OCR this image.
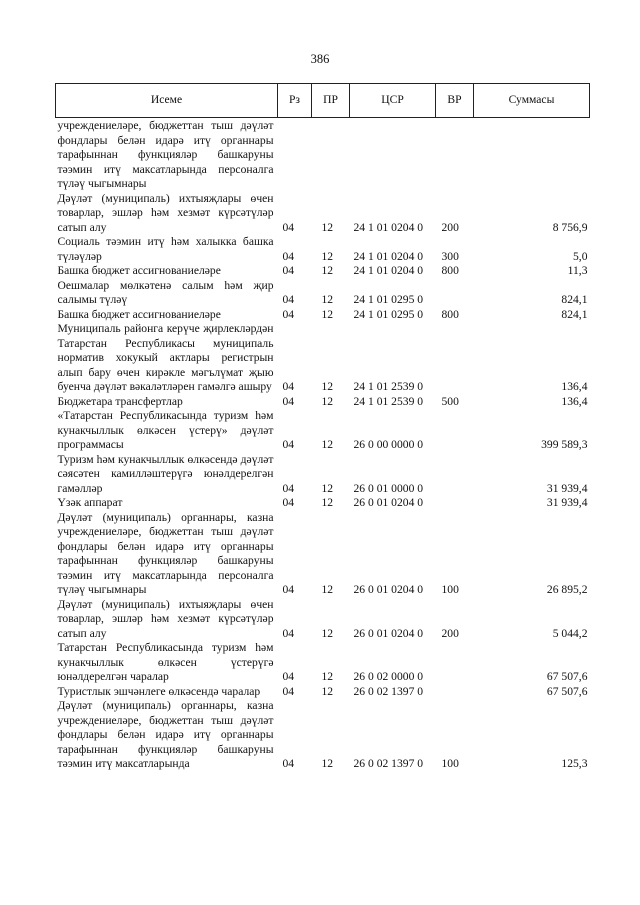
386
Исеме	Рз	ПР	ЦСР	ВР	Суммасы
учреждениеләре, бюджеттан тыш дәүләт фондлары белән идарә итү органнары тарафыннан функцияләр башкаруны тәэмин итү максатларында персоналга түләү чыгымнары					
Дәүләт (муниципаль) ихтыяҗлары өчен товарлар, эшләр һәм хезмәт күрсәтүләр сатып алу	04	12	24 1 01 0204 0	200	8 756,9
Социаль тәэмин итү һәм халыкка башка түләүләр	04	12	24 1 01 0204 0	300	5,0
Башка бюджет ассигнованиеләре	04	12	24 1 01 0204 0	800	11,3
Оешмалар мөлкәтенә салым һәм җир салымы түләү	04	12	24 1 01 0295 0		824,1
Башка бюджет ассигнованиеләре	04	12	24 1 01 0295 0	800	824,1
Муниципаль районга керүче җирлекләрдән Татарстан Республикасы муниципаль норматив хокукый актлары регистрын алып бару өчен кирәкле мәгълүмат җыю буенча дәүләт вәкаләтләрен гамәлгә ашыру	04	12	24 1 01 2539 0		136,4
Бюджетара трансфертлар	04	12	24 1 01 2539 0	500	136,4
«Татарстан Республикасында туризм һәм кунакчыллык өлкәсен үстерү» дәүләт программасы	04	12	26 0 00 0000 0		399 589,3
Туризм һәм кунакчыллык өлкәсендә дәүләт сәясәтен камилләштерүгә юнәлдерелгән гамәлләр	04	12	26 0 01 0000 0		31 939,4
Үзәк аппарат	04	12	26 0 01 0204 0		31 939,4
Дәүләт (муниципаль) органнары, казна учреждениеләре, бюджеттан тыш дәүләт фондлары белән идарә итү органнары тарафыннан функцияләр башкаруны тәэмин итү максатларында персоналга түләү чыгымнары	04	12	26 0 01 0204 0	100	26 895,2
Дәүләт (муниципаль) ихтыяҗлары өчен товарлар, эшләр һәм хезмәт күрсәтүләр сатып алу	04	12	26 0 01 0204 0	200	5 044,2
Татарстан Республикасында туризм һәм кунакчыллык өлкәсен үстерүгә юнәлдерелгән чаралар	04	12	26 0 02 0000 0		67 507,6
Туристлык эшчәнлеге өлкәсендә чаралар	04	12	26 0 02 1397 0		67 507,6
Дәүләт (муниципаль) органнары, казна учреждениеләре, бюджеттан тыш дәүләт фондлары белән идарә итү органнары тарафыннан функцияләр башкаруны тәэмин итү максатларында	04	12	26 0 02 1397 0	100	125,3
